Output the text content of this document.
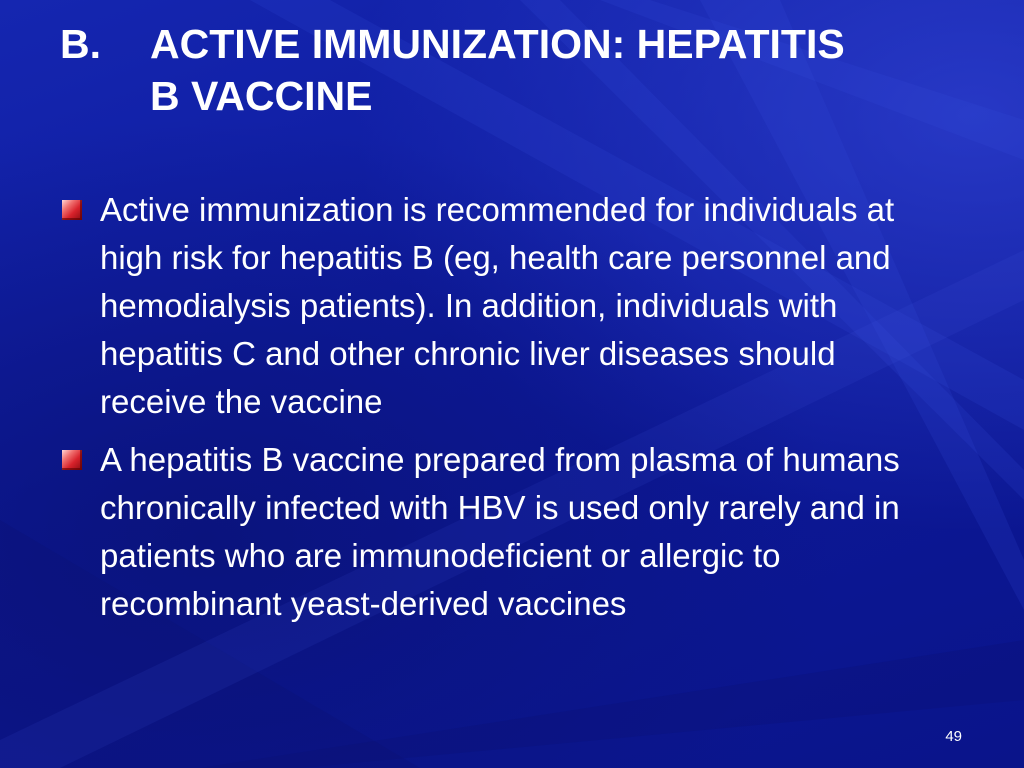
B. ACTIVE IMMUNIZATION: HEPATITIS
B VACCINE
Active immunization is recommended for individuals at high risk for hepatitis B (eg, health care personnel and hemodialysis patients). In addition, individuals with hepatitis C and other chronic liver diseases should receive the vaccine
A hepatitis B vaccine prepared from plasma of humans chronically infected with HBV is used only rarely and in patients who are immunodeficient or allergic to recombinant yeast-derived vaccines
49
